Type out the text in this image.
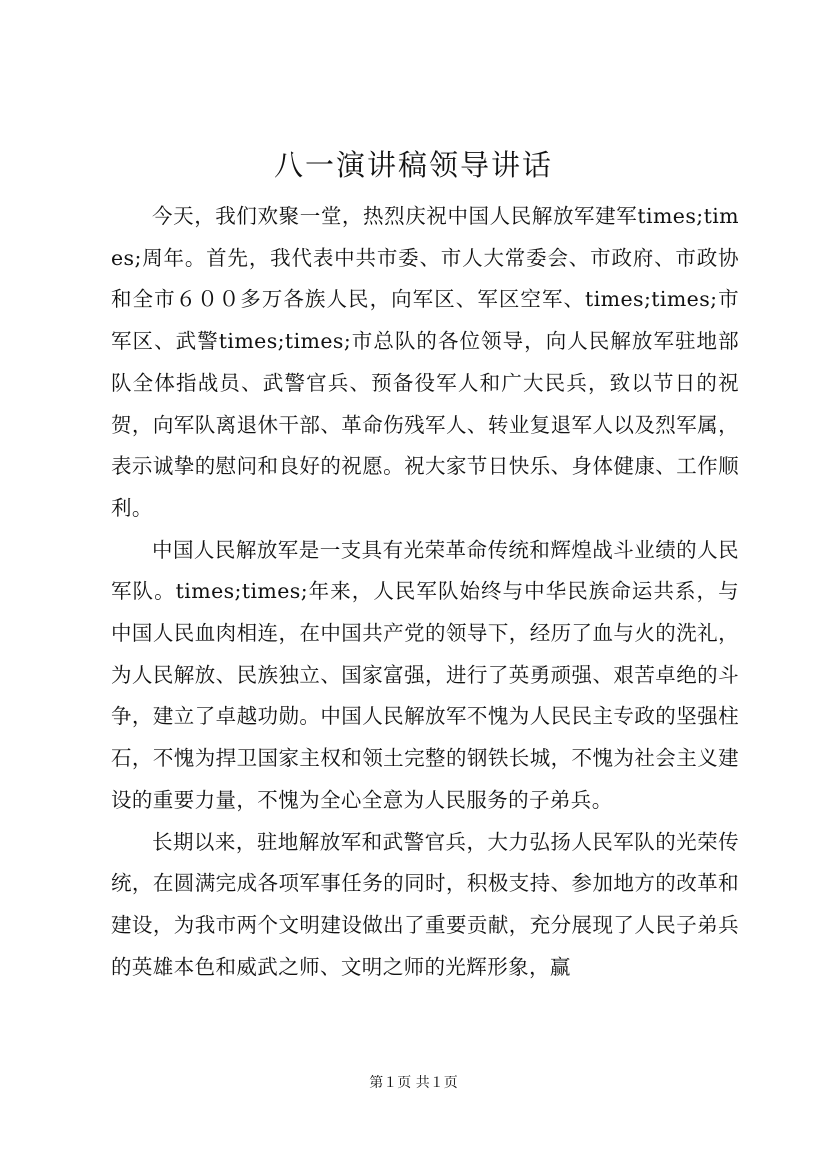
八一演讲稿领导讲话

今天，我们欢聚一堂，热烈庆祝中国人民解放军建军times;times;周年。首先，我代表中共市委、市人大常委会、市政府、市政协和全市６００多万各族人民，向军区、军区空军、times;times;市军区、武警times;times;市总队的各位领导，向人民解放军驻地部队全体指战员、武警官兵、预备役军人和广大民兵，致以节日的祝贺，向军队离退休干部、革命伤残军人、转业复退军人以及烈军属，表示诚挚的慰问和良好的祝愿。祝大家节日快乐、身体健康、工作顺利。

中国人民解放军是一支具有光荣革命传统和辉煌战斗业绩的人民军队。times;times;年来，人民军队始终与中华民族命运共系，与中国人民血肉相连，在中国共产党的领导下，经历了血与火的洗礼，为人民解放、民族独立、国家富强，进行了英勇顽强、艰苦卓绝的斗争，建立了卓越功勋。中国人民解放军不愧为人民民主专政的坚强柱石，不愧为捍卫国家主权和领土完整的钢铁长城，不愧为社会主义建设的重要力量，不愧为全心全意为人民服务的子弟兵。

长期以来，驻地解放军和武警官兵，大力弘扬人民军队的光荣传统，在圆满完成各项军事任务的同时，积极支持、参加地方的改革和建设，为我市两个文明建设做出了重要贡献，充分展现了人民子弟兵的英雄本色和威武之师、文明之师的光辉形象，赢

第１页 共１页
